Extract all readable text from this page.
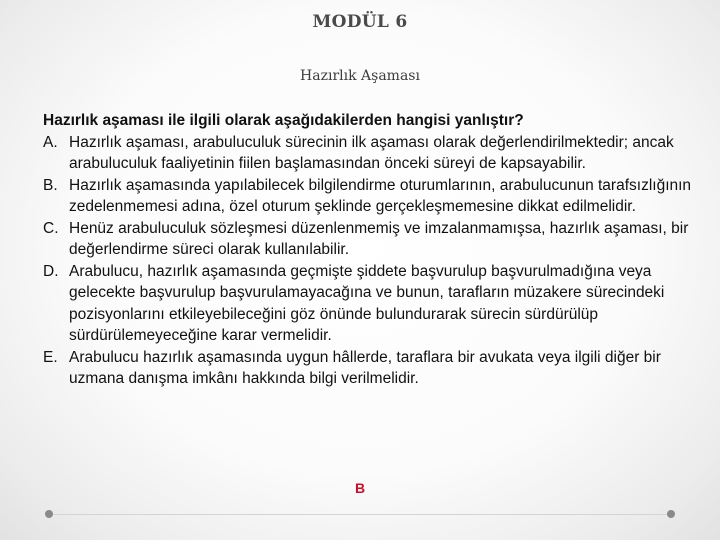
MODÜL 6
Hazırlık Aşaması
Hazırlık aşaması ile ilgili olarak aşağıdakilerden hangisi yanlıştır?
A. Hazırlık aşaması, arabuluculuk sürecinin ilk aşaması olarak değerlendirilmektedir; ancak arabuluculuk faaliyetinin fiilen başlamasından önceki süreyi de kapsayabilir.
B. Hazırlık aşamasında yapılabilecek bilgilendirme oturumlarının, arabulucunun tarafsızlığının zedelenmemesi adına, özel oturum şeklinde gerçekleşmemesine dikkat edilmelidir.
C. Henüz arabuluculuk sözleşmesi düzenlenmemiş ve imzalanmamışsa, hazırlık aşaması, bir değerlendirme süreci olarak kullanılabilir.
D. Arabulucu, hazırlık aşamasında geçmişte şiddete başvurulup başvurulmadığına veya gelecekte başvurulup başvurulamayacağına ve bunun, tarafların müzakere sürecindeki pozisyonlarını etkileyebileceğini göz önünde bulundurarak sürecin sürdürülüp sürdürülemeyeceğine karar vermelidir.
E. Arabulucu hazırlık aşamasında uygun hâllerde, taraflara bir avukata veya ilgili diğer bir uzmana danışma imkânı hakkında bilgi verilmelidir.
B
